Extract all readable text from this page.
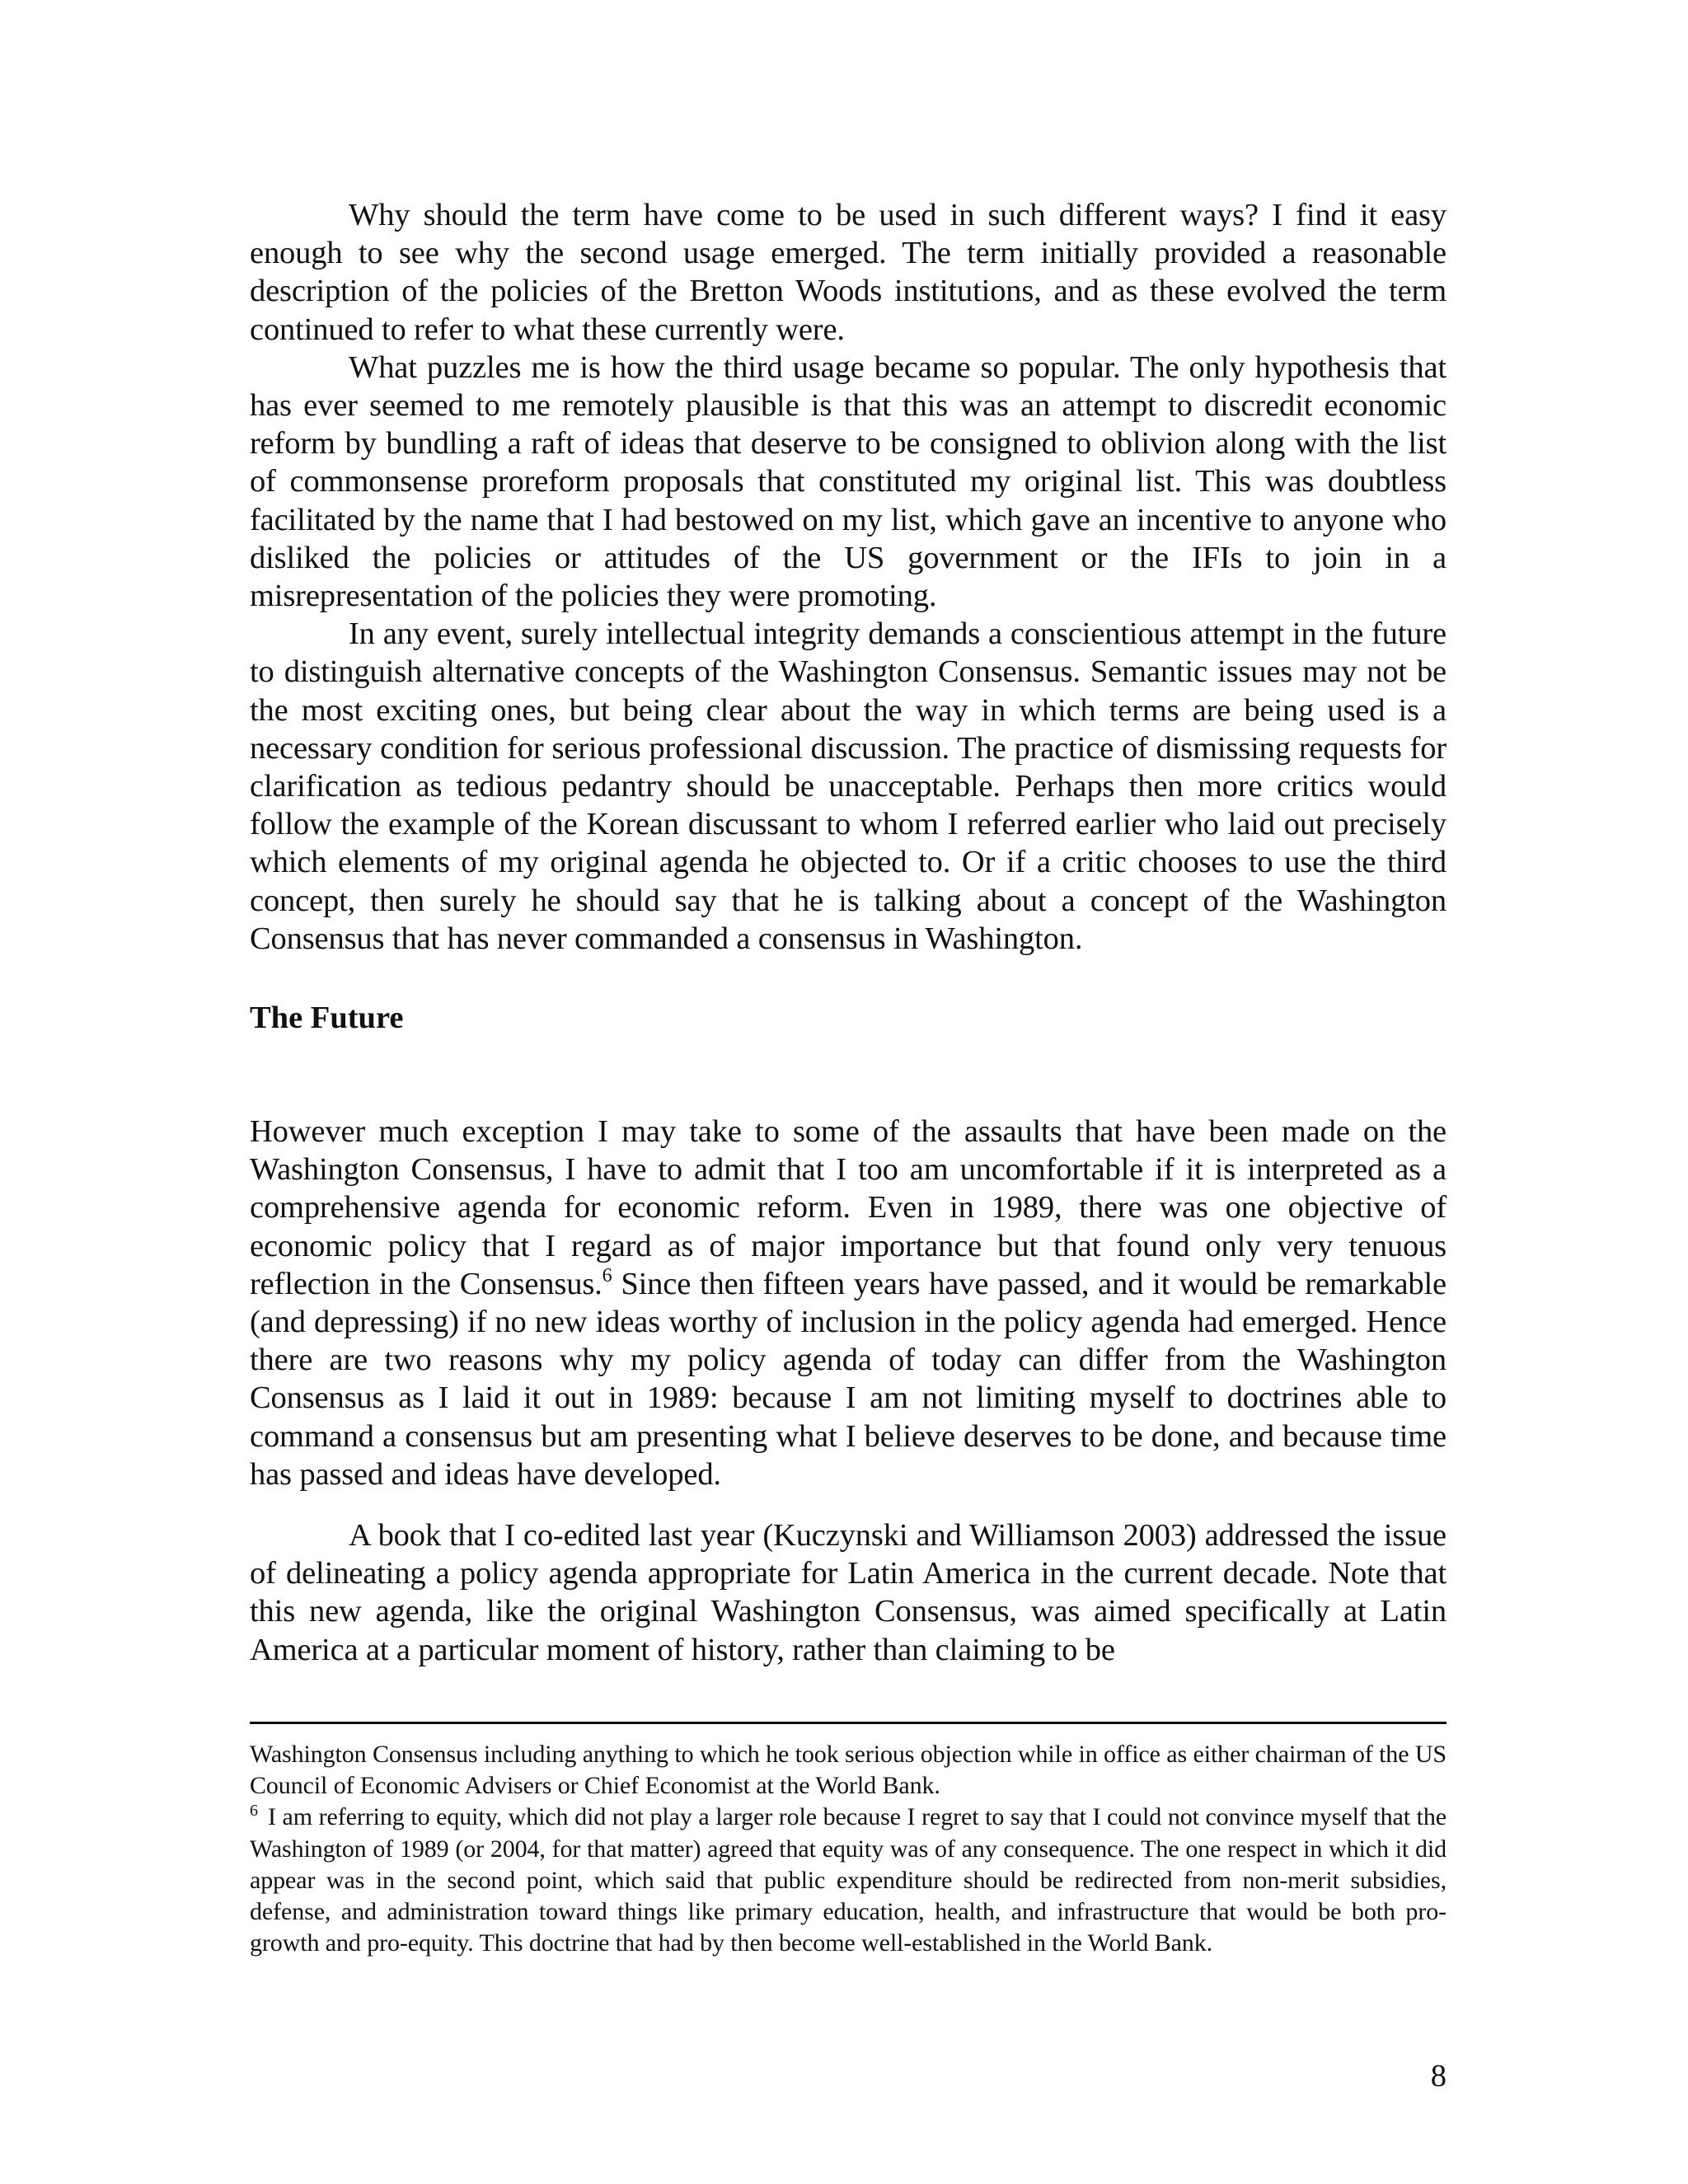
Why should the term have come to be used in such different ways? I find it easy enough to see why the second usage emerged. The term initially provided a reasonable description of the policies of the Bretton Woods institutions, and as these evolved the term continued to refer to what these currently were.

What puzzles me is how the third usage became so popular. The only hypothesis that has ever seemed to me remotely plausible is that this was an attempt to discredit economic reform by bundling a raft of ideas that deserve to be consigned to oblivion along with the list of commonsense proreform proposals that constituted my original list. This was doubtless facilitated by the name that I had bestowed on my list, which gave an incentive to anyone who disliked the policies or attitudes of the US government or the IFIs to join in a misrepresentation of the policies they were promoting.

In any event, surely intellectual integrity demands a conscientious attempt in the future to distinguish alternative concepts of the Washington Consensus. Semantic issues may not be the most exciting ones, but being clear about the way in which terms are being used is a necessary condition for serious professional discussion. The practice of dismissing requests for clarification as tedious pedantry should be unacceptable. Perhaps then more critics would follow the example of the Korean discussant to whom I referred earlier who laid out precisely which elements of my original agenda he objected to. Or if a critic chooses to use the third concept, then surely he should say that he is talking about a concept of the Washington Consensus that has never commanded a consensus in Washington.

The Future

However much exception I may take to some of the assaults that have been made on the Washington Consensus, I have to admit that I too am uncomfortable if it is interpreted as a comprehensive agenda for economic reform. Even in 1989, there was one objective of economic policy that I regard as of major importance but that found only very tenuous reflection in the Consensus.$^6$ Since then fifteen years have passed, and it would be remarkable (and depressing) if no new ideas worthy of inclusion in the policy agenda had emerged. Hence there are two reasons why my policy agenda of today can differ from the Washington Consensus as I laid it out in 1989: because I am not limiting myself to doctrines able to command a consensus but am presenting what I believe deserves to be done, and because time has passed and ideas have developed.

A book that I co-edited last year (Kuczynski and Williamson 2003) addressed the issue of delineating a policy agenda appropriate for Latin America in the current decade. Note that this new agenda, like the original Washington Consensus, was aimed specifically at Latin America at a particular moment of history, rather than claiming to be

Washington Consensus including anything to which he took serious objection while in office as either chairman of the US Council of Economic Advisers or Chief Economist at the World Bank.

6 I am referring to equity, which did not play a larger role because I regret to say that I could not convince myself that the Washington of 1989 (or 2004, for that matter) agreed that equity was of any consequence. The one respect in which it did appear was in the second point, which said that public expenditure should be redirected from non-merit subsidies, defense, and administration toward things like primary education, health, and infrastructure that would be both pro-growth and pro-equity. This doctrine that had by then become well-established in the World Bank.

8
